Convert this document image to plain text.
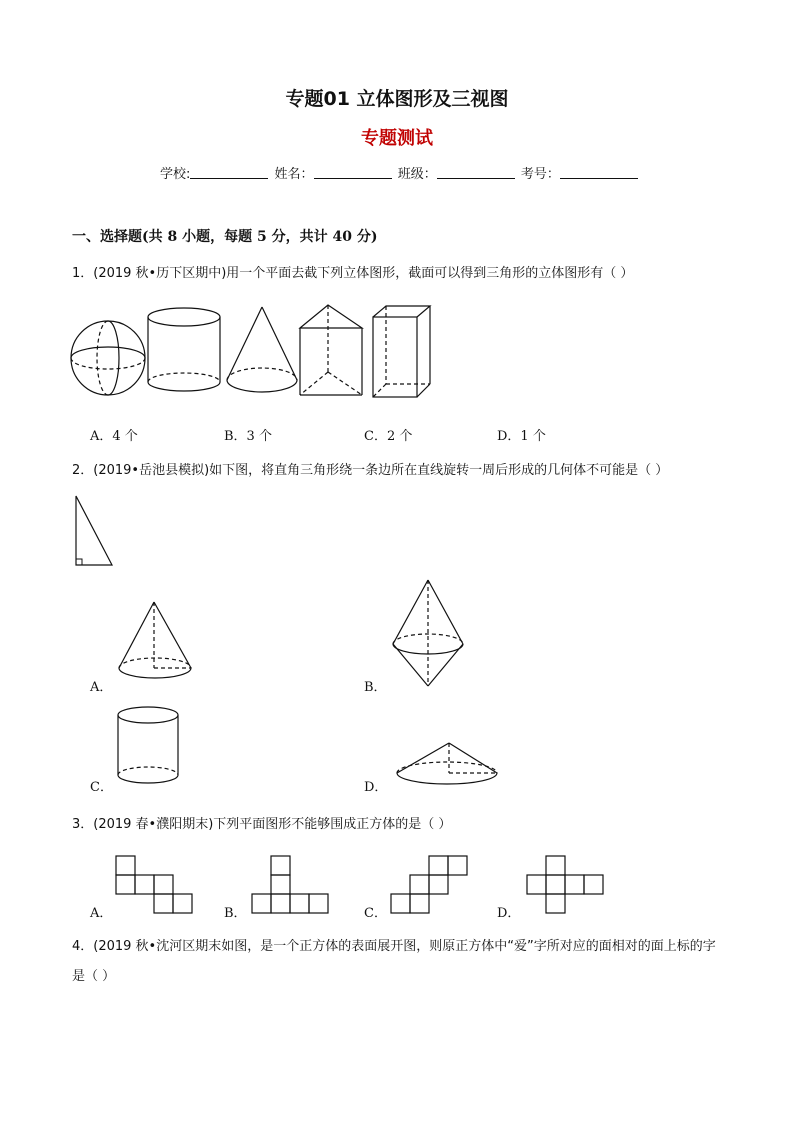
专题01 立体图形及三视图
专题测试
学校:	姓名：	班级：	考号：
一、选择题(共 8 小题，每题 5 分，共计 40 分)
1．(2019 秋•历下区期中)用一个平面去截下列立体图形，截面可以得到三角形的立体图形有（ ）
A．4 个	B．3 个	C．2 个	D．1 个
2．(2019•岳池县模拟)如下图，将直角三角形绕一条边所在直线旋转一周后形成的几何体不可能是（ ）
A．	B．
C．	D．
3．(2019 春•濮阳期末)下列平面图形不能够围成正方体的是（ ）
A．	B．	C．	D．
4．(2019 秋•沈河区期末如图，是一个正方体的表面展开图，则原正方体中“爱”字所对应的面相对的面上标的字是（ ）
